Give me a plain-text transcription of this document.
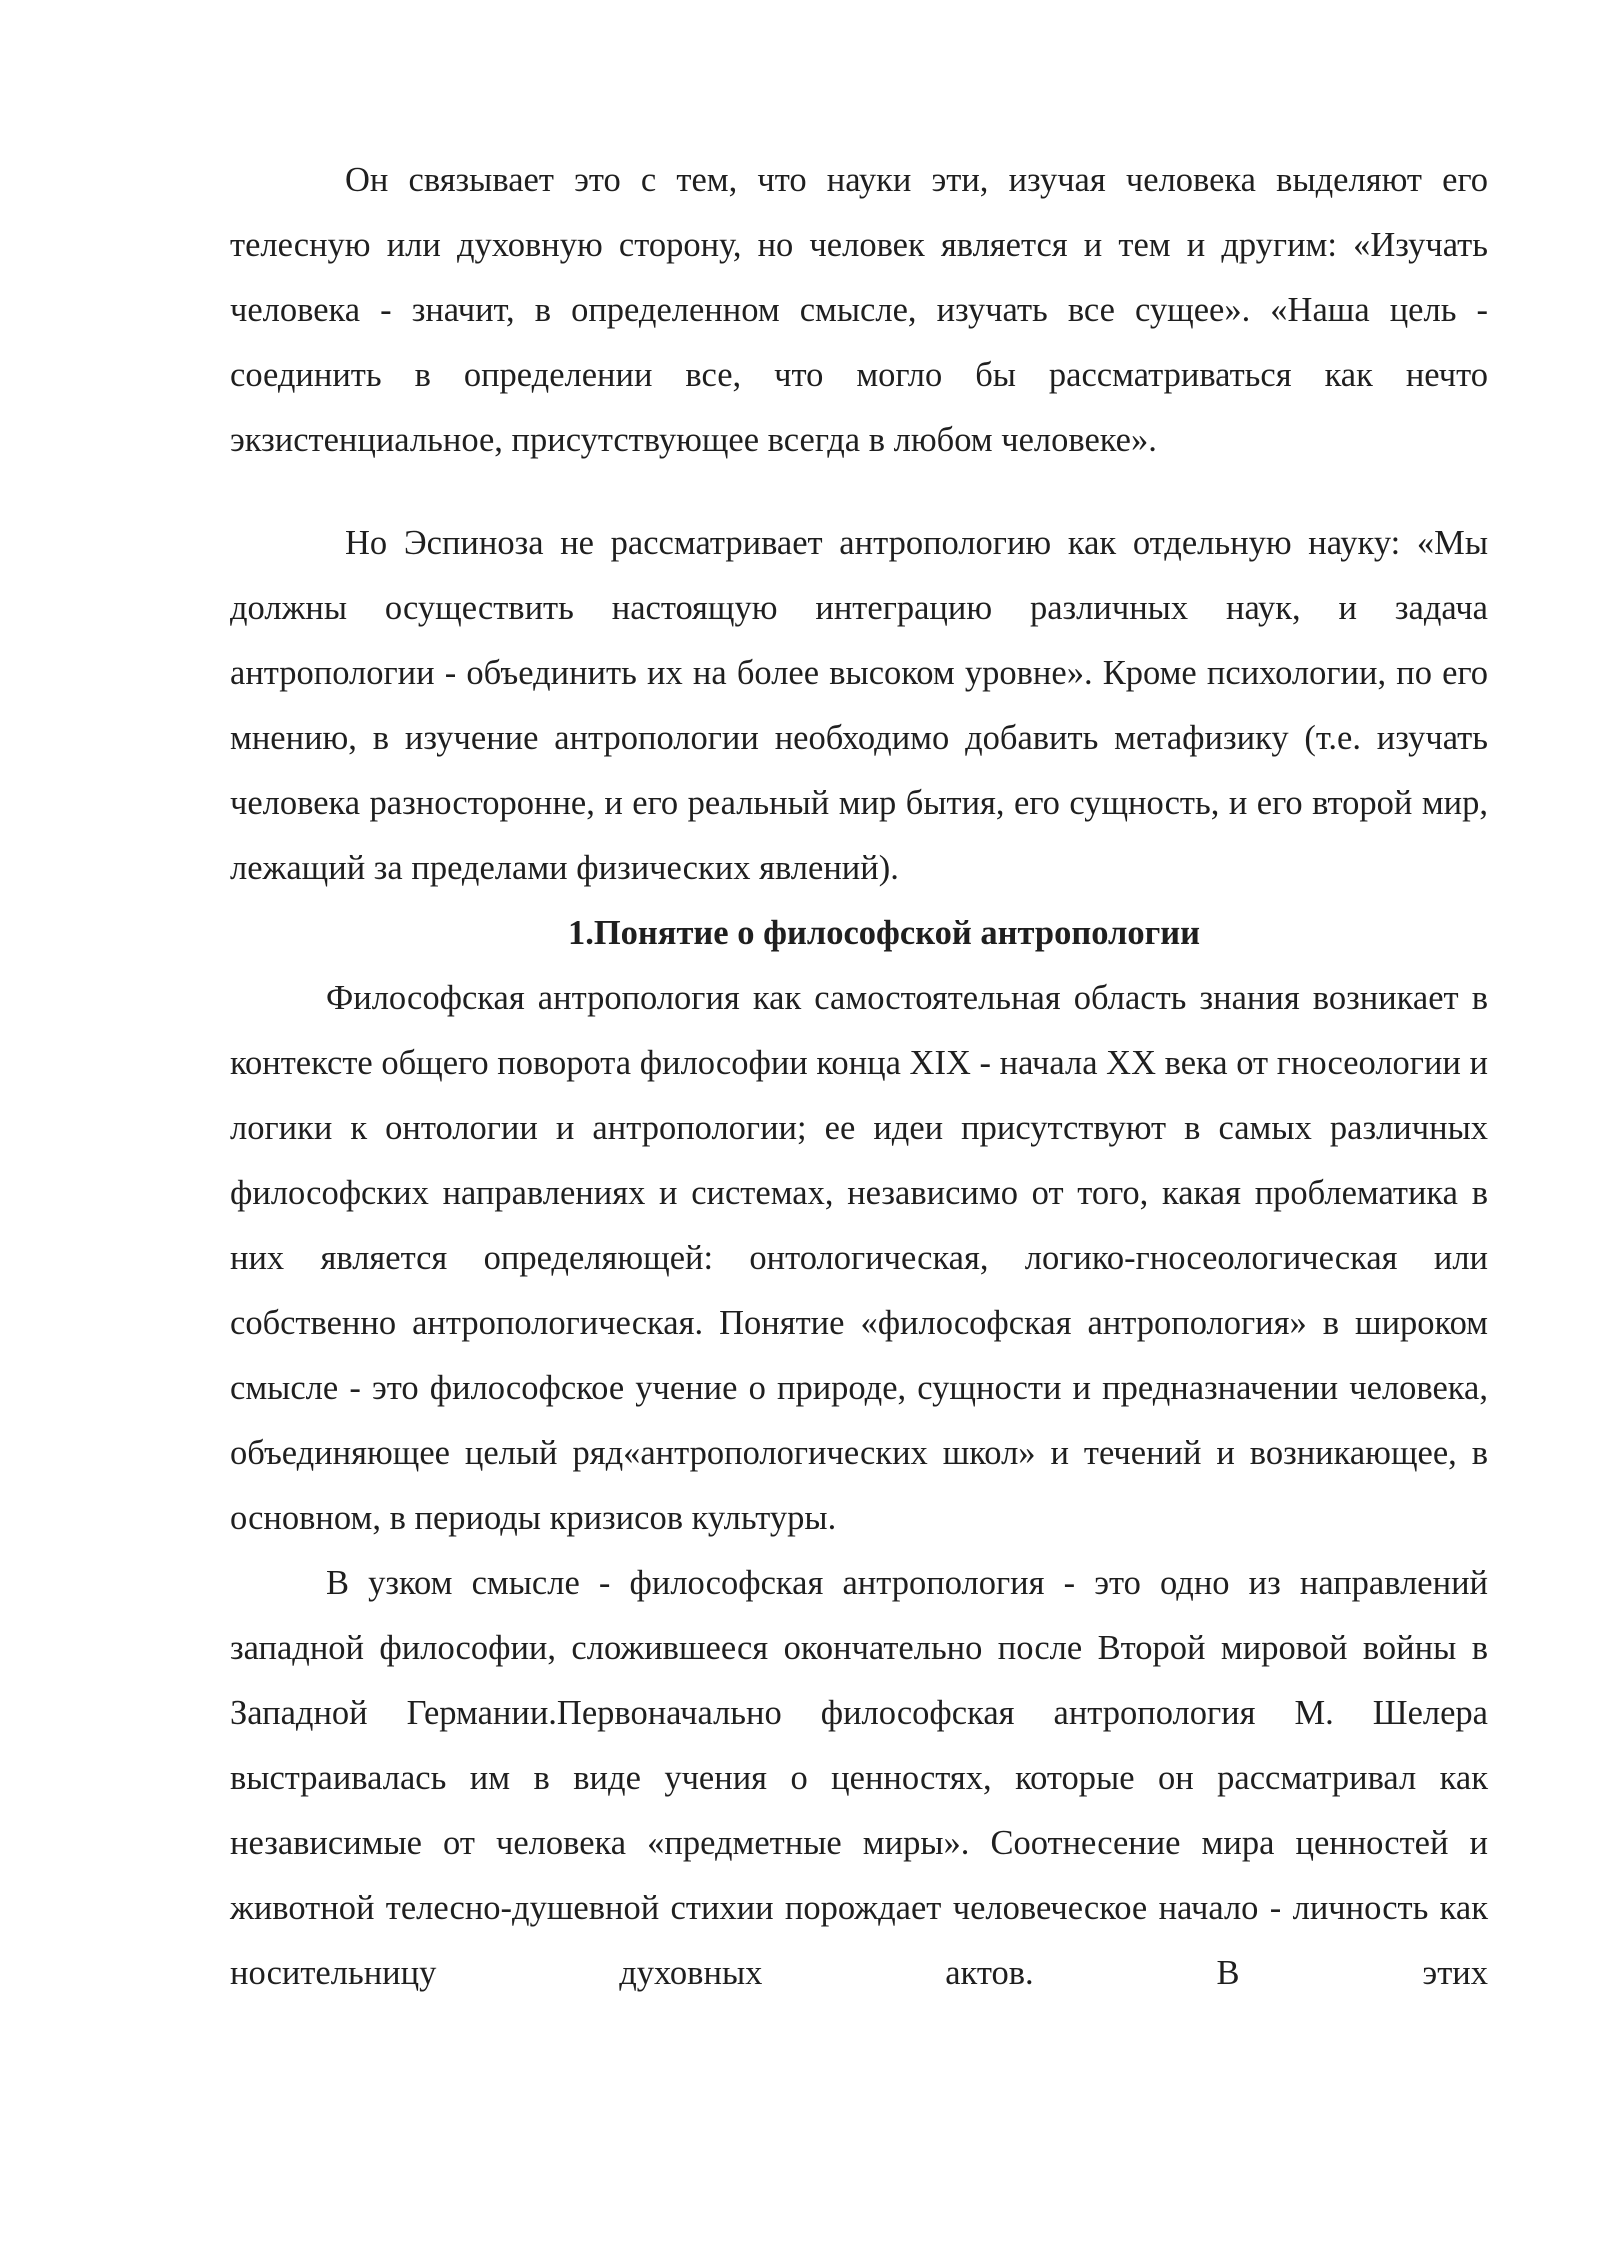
Он связывает это с тем, что науки эти, изучая человека выделяют его телесную или духовную сторону, но человек является и тем и другим: «Изучать человека - значит, в определенном смысле, изучать все сущее». «Наша цель - соединить в определении все, что могло бы рассматриваться как нечто экзистенциальное, присутствующее всегда в любом человеке».

Но Эспиноза не рассматривает антропологию как отдельную науку: «Мы должны осуществить настоящую интеграцию различных наук, и задача антропологии - объединить их на более высоком уровне». Кроме психологии, по его мнению, в изучение антропологии необходимо добавить метафизику (т.е. изучать человека разносторонне, и его реальный мир бытия, его сущность, и его второй мир, лежащий за пределами физических явлений).

1.Понятие о философской антропологии

Философская антропология как самостоятельная область знания возникает в контексте общего поворота философии конца XIX - начала XX века от гносеологии и логики к онтологии и антропологии; ее идеи присутствуют в самых различных философских направлениях и системах, независимо от того, какая проблематика в них является определяющей: онтологическая, логико-гносеологическая или собственно антропологическая. Понятие «философская антропология» в широком смысле - это философское учение о природе, сущности и предназначении человека, объединяющее целый ряд«антропологических школ» и течений и возникающее, в основном, в периоды кризисов культуры.

В узком смысле - философская антропология - это одно из направлений западной философии, сложившееся окончательно после Второй мировой войны в Западной Германии.Первоначально философская антропология М. Шелера выстраивалась им в виде учения о ценностях, которые он рассматривал как независимые от человека «предметные миры». Соотнесение мира ценностей и животной телесно-душевной стихии порождает человеческое начало - личность как носительницу духовных актов. В этих
